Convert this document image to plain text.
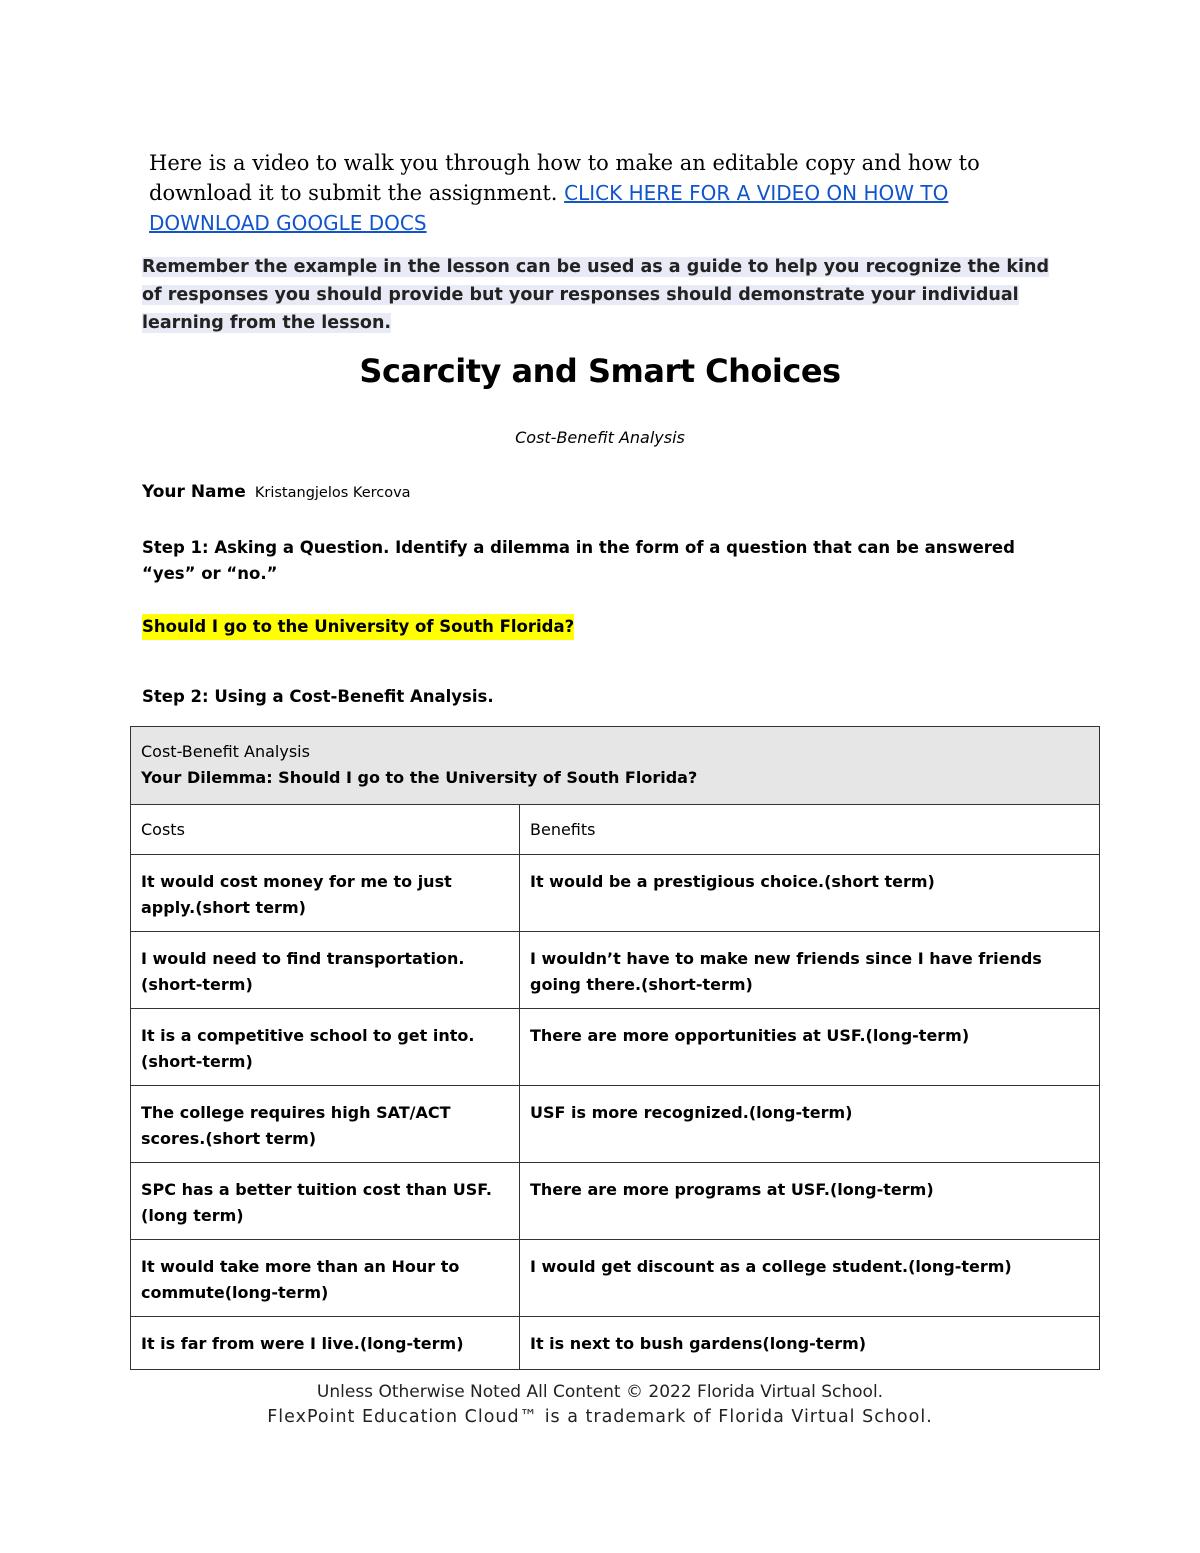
Here is a video to walk you through how to make an editable copy and how to download it to submit the assignment. CLICK HERE FOR A VIDEO ON HOW TO DOWNLOAD GOOGLE DOCS
Remember the example in the lesson can be used as a guide to help you recognize the kind of responses you should provide but your responses should demonstrate your individual learning from the lesson.
Scarcity and Smart Choices
Cost-Benefit Analysis
Your Name Kristangjelos Kercova
Step 1: Asking a Question. Identify a dilemma in the form of a question that can be answered “yes” or “no.”
Should I go to the University of South Florida?
Step 2: Using a Cost-Benefit Analysis.
Cost-Benefit Analysis
Your Dilemma: Should I go to the University of South Florida?	

Costs	Benefits
It would cost money for me to just apply.(short term)	It would be a prestigious choice.(short term)
I would need to find transportation.(short-term)	I wouldn’t have to make new friends since I have friends going there.(short-term)
It is a competitive school to get into.(short-term)	There are more opportunities at USF.(long-term)
The college requires high SAT/ACT scores.(short term)	USF is more recognized.(long-term)
SPC has a better tuition cost than USF.(long term)	There are more programs at USF.(long-term)
It would take more than an Hour to commute(long-term)	I would get discount as a college student.(long-term)
It is far from were I live.(long-term)	It is next to bush gardens(long-term)
Unless Otherwise Noted All Content © 2022 Florida Virtual School.
FlexPoint Education Cloud™ is a trademark of Florida Virtual School.
